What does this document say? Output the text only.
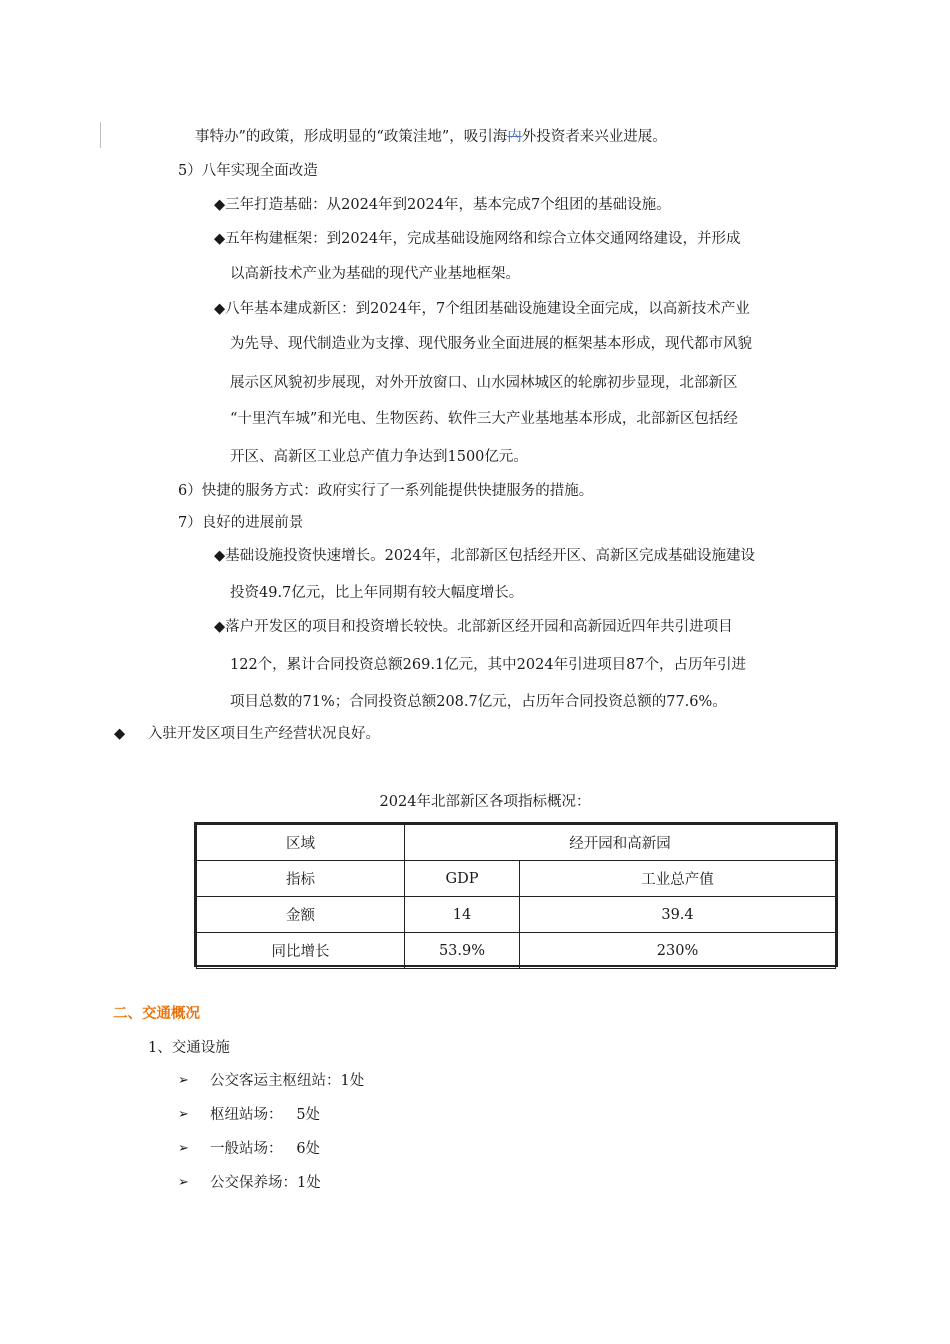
事特办”的政策，形成明显的“政策洼地”，吸引海内外投资者来兴业进展。
5）八年实现全面改造
◆三年打造基础：从2024年到2024年，基本完成7个组团的基础设施。
◆五年构建框架：到2024年，完成基础设施网络和综合立体交通网络建设，并形成
以高新技术产业为基础的现代产业基地框架。
◆八年基本建成新区：到2024年，7个组团基础设施建设全面完成，以高新技术产业
为先导、现代制造业为支撑、现代服务业全面进展的框架基本形成，现代都市风貌
展示区风貌初步展现，对外开放窗口、山水园林城区的轮廓初步显现，北部新区
“十里汽车城”和光电、生物医药、软件三大产业基地基本形成，北部新区包括经
开区、高新区工业总产值力争达到1500亿元。
6）快捷的服务方式：政府实行了一系列能提供快捷服务的措施。
7）良好的进展前景
◆基础设施投资快速增长。2024年，北部新区包括经开区、高新区完成基础设施建设
投资49.7亿元，比上年同期有较大幅度增长。
◆落户开发区的项目和投资增长较快。北部新区经开园和高新园近四年共引进项目
122个，累计合同投资总额269.1亿元，其中2024年引进项目87个，占历年引进
项目总数的71%；合同投资总额208.7亿元，占历年合同投资总额的77.6%。
◆ 入驻开发区项目生产经营状况良好。
2024年北部新区各项指标概况：
区域	经开园和高新园	
指标	GDP	工业总产值
金额	14	39.4
同比增长	53.9%	230%
二、交通概况
1、交通设施
➢ 公交客运主枢纽站：1处
➢ 枢纽站场：   5处
➢ 一般站场：   6处
➢ 公交保养场：1处
